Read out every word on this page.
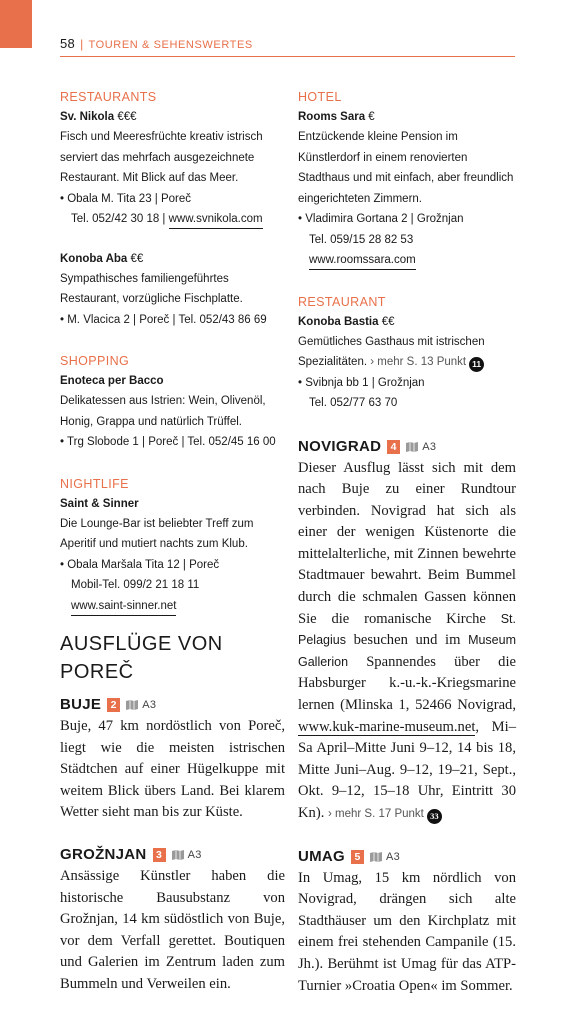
58 | TOUREN & SEHENSWERTES
RESTAURANTS
Sv. Nikola €€€
Fisch und Meeresfrüchte kreativ istrisch serviert das mehrfach ausgezeichnete Restaurant. Mit Blick auf das Meer.
• Obala M. Tita 23 | Poreč
Tel. 052/42 30 18 | www.svnikola.com
Konoba Aba €€
Sympathisches familiengeführtes Restaurant, vorzügliche Fischplatte.
• M. Vlacica 2 | Poreč | Tel. 052/43 86 69
SHOPPING
Enoteca per Bacco
Delikatessen aus Istrien: Wein, Olivenöl, Honig, Grappa und natürlich Trüffel.
• Trg Slobode 1 | Poreč | Tel. 052/45 16 00
NIGHTLIFE
Saint & Sinner
Die Lounge-Bar ist beliebter Treff zum Aperitif und mutiert nachts zum Klub.
• Obala Maršala Tita 12 | Poreč
Mobil-Tel. 099/2 21 18 11
www.saint-sinner.net
AUSFLÜGE VON POREČ
BUJE 2	A3
Buje, 47 km nordöstlich von Poreč, liegt wie die meisten istrischen Städtchen auf einer Hügelkuppe mit weitem Blick übers Land. Bei klarem Wetter sieht man bis zur Küste.
GROŽNJAN 3	A3
Ansässige Künstler haben die historische Bausubstanz von Grožnjan, 14 km südöstlich von Buje, vor dem Verfall gerettet. Boutiquen und Galerien im Zentrum laden zum Bummeln und Verweilen ein.
HOTEL
Rooms Sara €
Entzückende kleine Pension im Künstlerdorf in einem renovierten Stadthaus und mit einfach, aber freundlich eingerichteten Zimmern.
• Vladimira Gortana 2 | Grožnjan
Tel. 059/15 28 82 53
www.roomssara.com
RESTAURANT
Konoba Bastia €€
Gemütliches Gasthaus mit istrischen Spezialitäten. › mehr S. 13 Punkt 11
• Svibnja bb 1 | Grožnjan
Tel. 052/77 63 70
NOVIGRAD 4	A3
Dieser Ausflug lässt sich mit dem nach Buje zu einer Rundtour verbinden. Novigrad hat sich als einer der wenigen Küstenorte die mittelalterliche, mit Zinnen bewehrte Stadtmauer bewahrt. Beim Bummel durch die schmalen Gassen können Sie die romanische Kirche St. Pelagius besuchen und im Museum Gallerion Spannendes über die Habsburger k.-u.-k.-Kriegsmarine lernen (Mlinska 1, 52466 Novigrad, www.kuk-marine-museum.net, Mi–Sa April–Mitte Juni 9–12, 14 bis 18, Mitte Juni–Aug. 9–12, 19–21, Sept., Okt. 9–12, 15–18 Uhr, Eintritt 30 Kn). › mehr S. 17 Punkt 33
UMAG 5	A3
In Umag, 15 km nördlich von Novigrad, drängen sich alte Stadthäuser um den Kirchplatz mit einem frei stehenden Campanile (15. Jh.). Berühmt ist Umag für das ATP-Turnier »Croatia Open« im Sommer.
